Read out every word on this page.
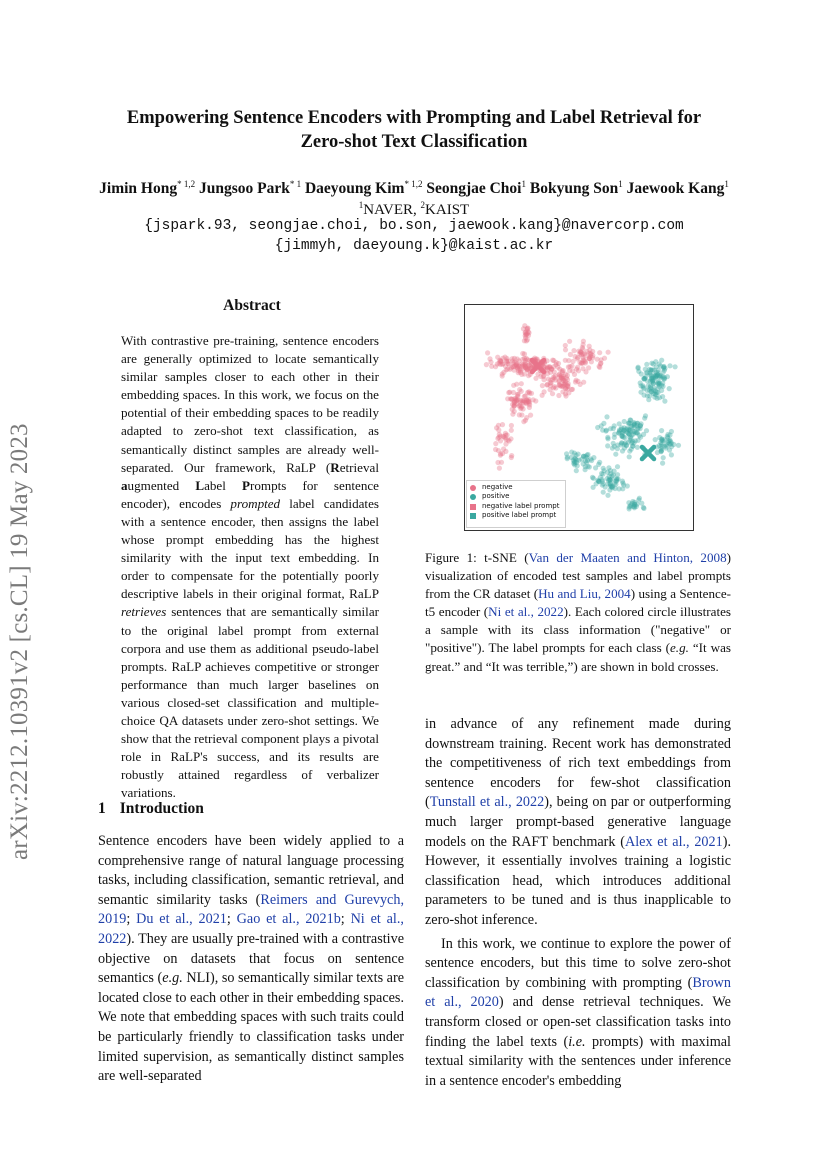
arXiv:2212.10391v2 [cs.CL] 19 May 2023
Empowering Sentence Encoders with Prompting and Label Retrieval for
Zero-shot Text Classification
Jimin Hong$^{* 1,2}$ Jungsoo Park$^{* 1}$ Daeyoung Kim$^{* 1,2}$ Seongjae Choi$^1$ Bokyung Son$^1$ Jaewook Kang$^1$
$^1$NAVER, $^2$KAIST
{jspark.93, seongjae.choi, bo.son, jaewook.kang}@navercorp.com
{jimmyh, daeyoung.k}@kaist.ac.kr
Abstract
With contrastive pre-training, sentence encoders are generally optimized to locate semantically similar samples closer to each other in their embedding spaces. In this work, we focus on the potential of their embedding spaces to be readily adapted to zero-shot text classification, as semantically distinct samples are already well-separated. Our framework, RaLP (Retrieval augmented Label Prompts for sentence encoder), encodes prompted label candidates with a sentence encoder, then assigns the label whose prompt embedding has the highest similarity with the input text embedding. In order to compensate for the potentially poorly descriptive labels in their original format, RaLP retrieves sentences that are semantically similar to the original label prompt from external corpora and use them as additional pseudo-label prompts. RaLP achieves competitive or stronger performance than much larger baselines on various closed-set classification and multiple-choice QA datasets under zero-shot settings. We show that the retrieval component plays a pivotal role in RaLP's success, and its results are robustly attained regardless of verbalizer variations.
1 Introduction
Sentence encoders have been widely applied to a comprehensive range of natural language processing tasks, including classification, semantic retrieval, and semantic similarity tasks (Reimers and Gurevych, 2019; Du et al., 2021; Gao et al., 2021b; Ni et al., 2022). They are usually pre-trained with a contrastive objective on datasets that focus on sentence semantics (e.g. NLI), so semantically similar texts are located close to each other in their embedding spaces. We note that embedding spaces with such traits could be particularly friendly to classification tasks under limited supervision, as semantically distinct samples are well-separated
negative
positive
negative label prompt
positive label prompt
Figure 1: t-SNE (Van der Maaten and Hinton, 2008) visualization of encoded test samples and label prompts from the CR dataset (Hu and Liu, 2004) using a Sentence-t5 encoder (Ni et al., 2022). Each colored circle illustrates a sample with its class information ("negative" or "positive"). The label prompts for each class (e.g. “It was great.” and “It was terrible,”) are shown in bold crosses.

in advance of any refinement made during downstream training. Recent work has demonstrated the competitiveness of rich text embeddings from sentence encoders for few-shot classification (Tunstall et al., 2022), being on par or outperforming much larger prompt-based generative language models on the RAFT benchmark (Alex et al., 2021). However, it essentially involves training a logistic classification head, which introduces additional parameters to be tuned and is thus inapplicable to zero-shot inference.

In this work, we continue to explore the power of sentence encoders, but this time to solve zero-shot classification by combining with prompting (Brown et al., 2020) and dense retrieval techniques. We transform closed or open-set classification tasks into finding the label texts (i.e. prompts) with maximal textual similarity with the sentences under inference in a sentence encoder's embedding
